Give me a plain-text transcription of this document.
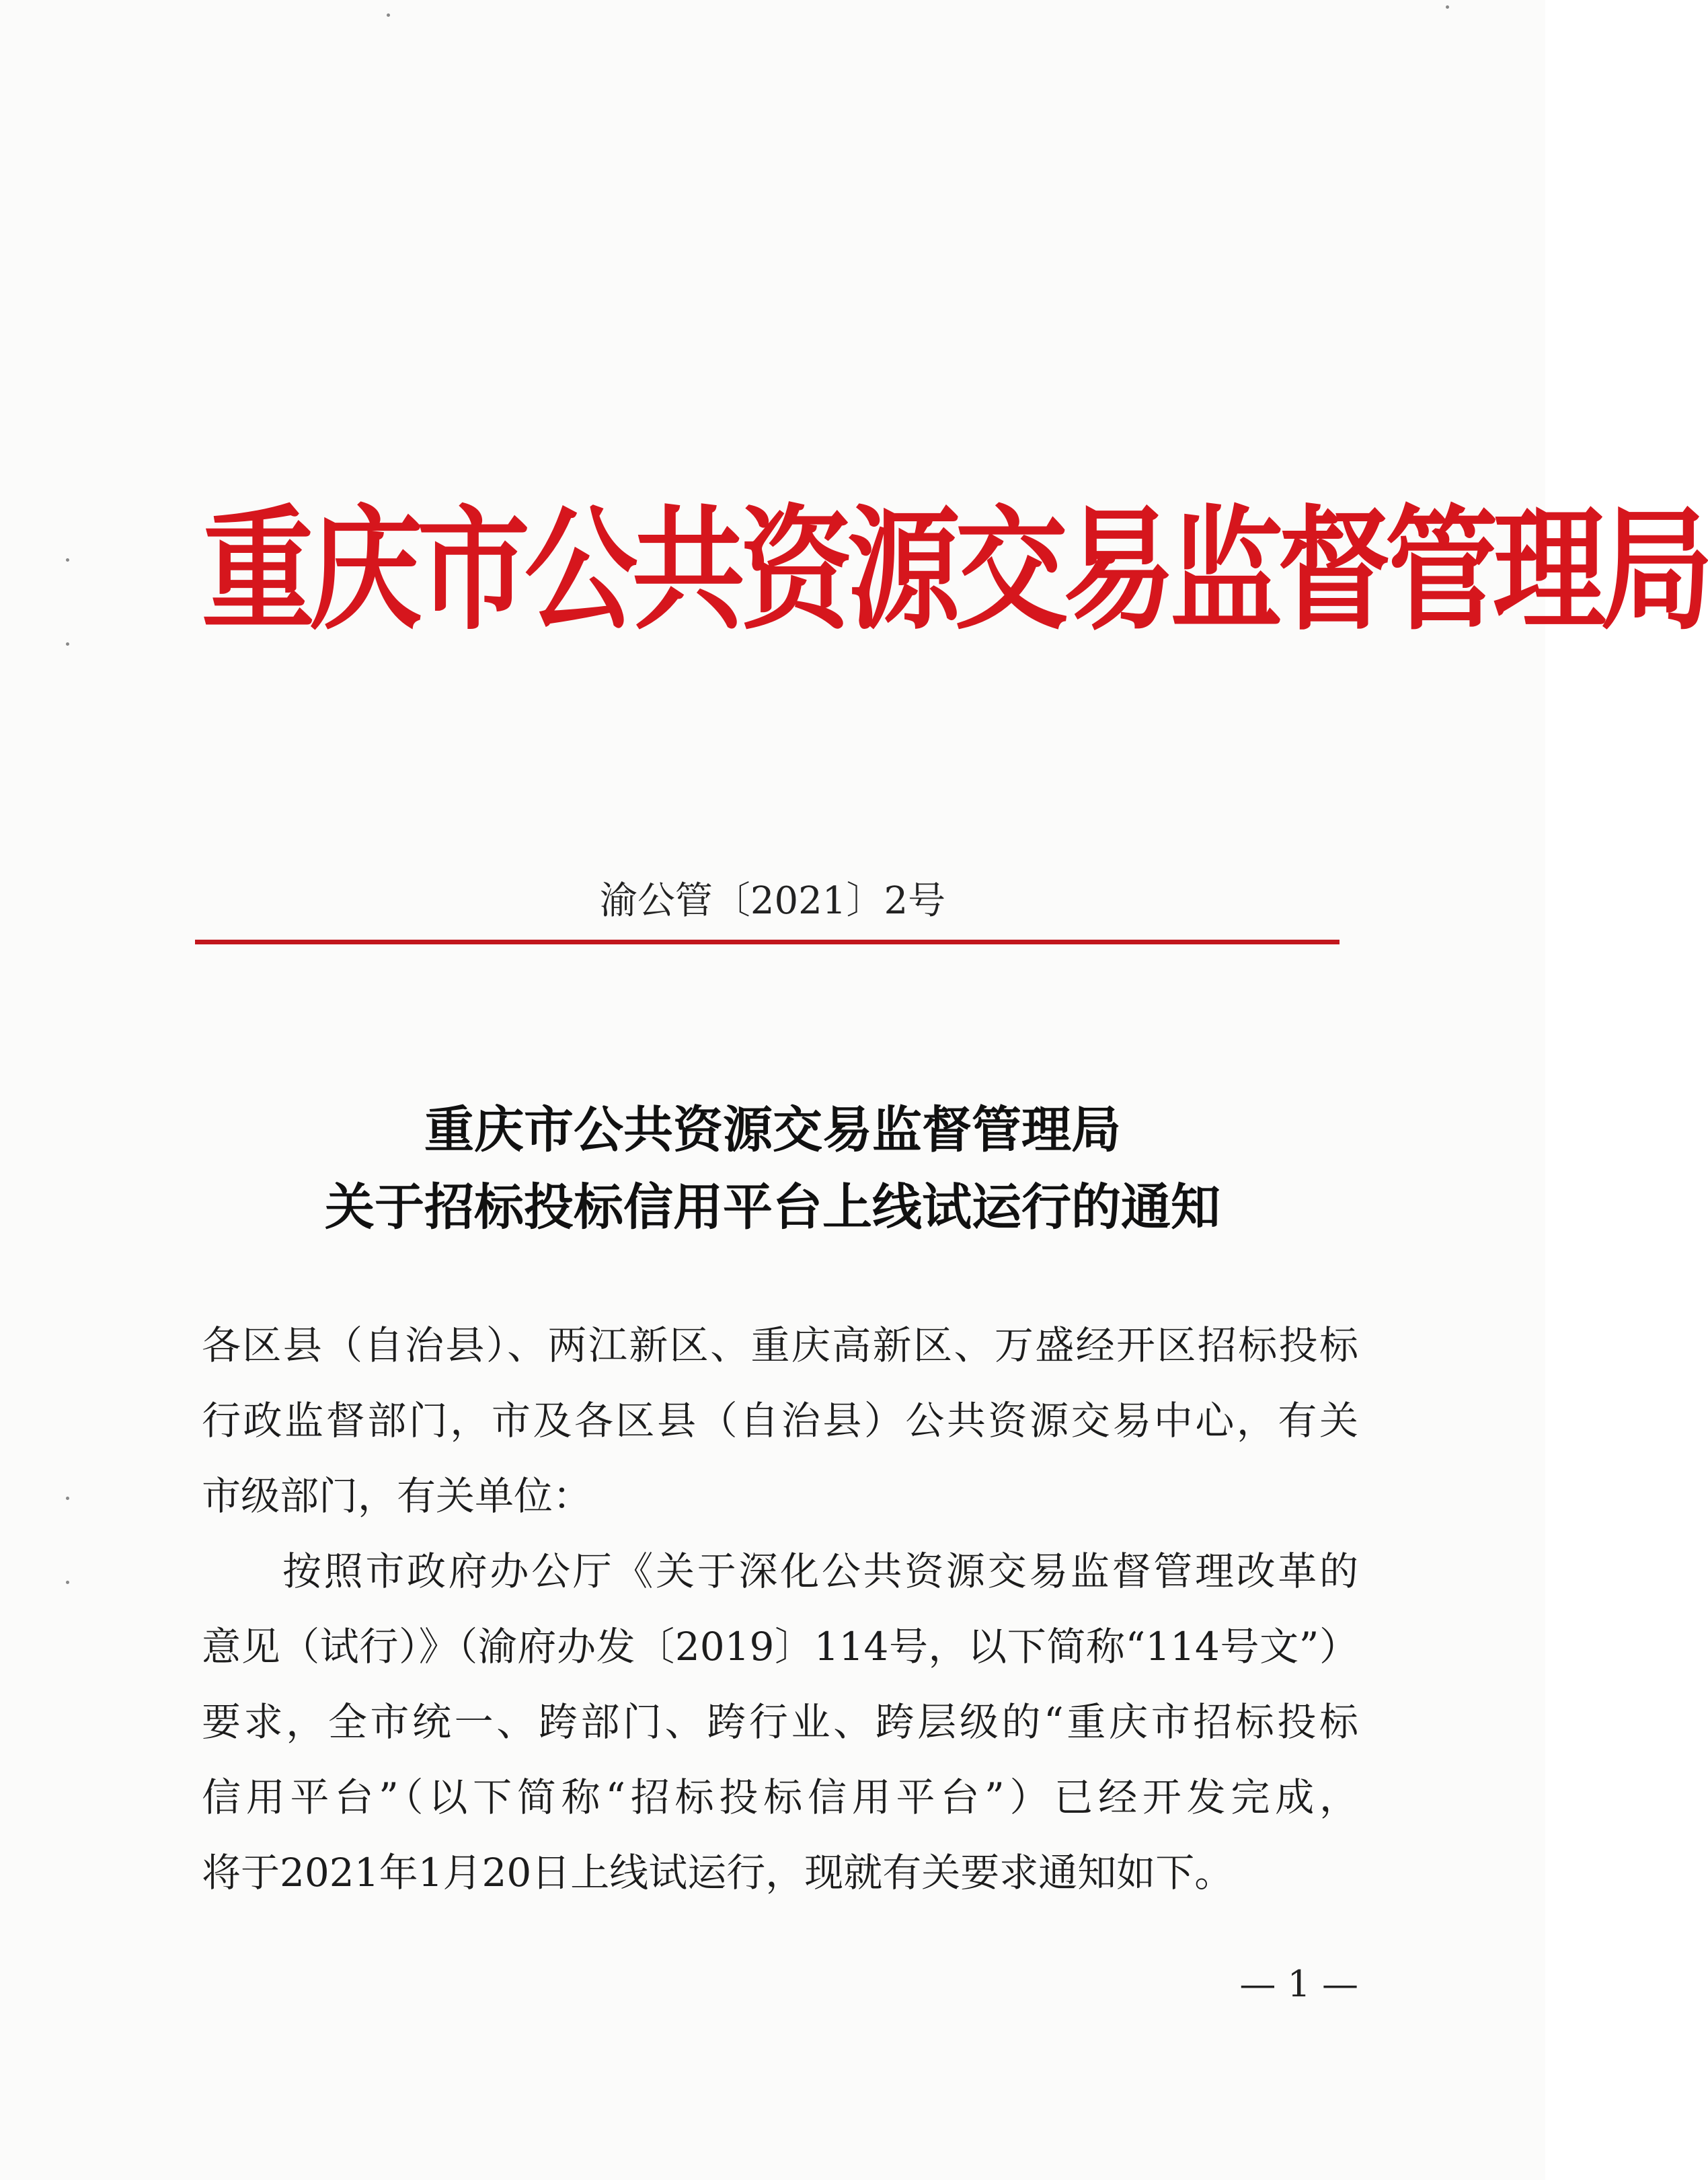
重庆市公共资源交易监督管理局
渝公管〔2021〕2号
重庆市公共资源交易监督管理局
关于招标投标信用平台上线试运行的通知
各区县（自治县）、两江新区、重庆高新区、万盛经开区招标投标
行政监督部门，市及各区县（自治县）公共资源交易中心，有关
市级部门，有关单位：
按照市政府办公厅《关于深化公共资源交易监督管理改革的
意见（试行）》（渝府办发〔2019〕114号，以下简称“114号文”）
要求，全市统一、跨部门、跨行业、跨层级的“重庆市招标投标
信用平台”（以下简称“招标投标信用平台”）已经开发完成，
将于2021年1月20日上线试运行，现就有关要求通知如下。
— 1 —
